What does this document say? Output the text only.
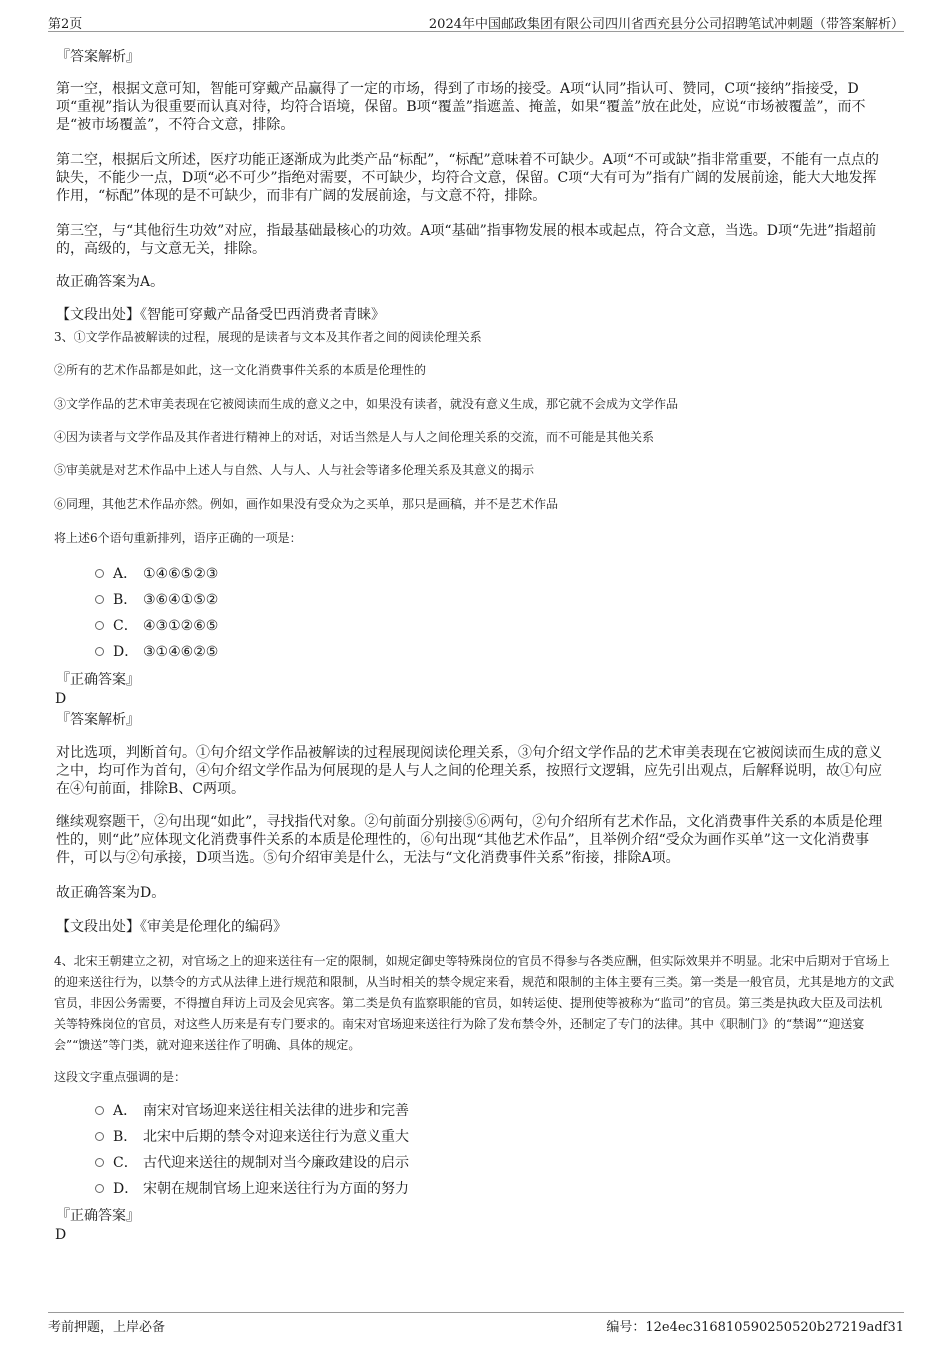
第2页	2024年中国邮政集团有限公司四川省西充县分公司招聘笔试冲刺题（带答案解析）

『答案解析』

第一空，根据文意可知，智能可穿戴产品赢得了一定的市场，得到了市场的接受。A项“认同”指认可、赞同，C项“接纳”指接受，D项“重视”指认为很重要而认真对待，均符合语境，保留。B项“覆盖”指遮盖、掩盖，如果“覆盖”放在此处，应说“市场被覆盖”，而不是“被市场覆盖”，不符合文意，排除。

第二空，根据后文所述，医疗功能正逐渐成为此类产品“标配”，“标配”意味着不可缺少。A项“不可或缺”指非常重要，不能有一点点的缺失，不能少一点，D项“必不可少”指绝对需要，不可缺少，均符合文意，保留。C项“大有可为”指有广阔的发展前途，能大大地发挥作用，“标配”体现的是不可缺少，而非有广阔的发展前途，与文意不符，排除。

第三空，与“其他衍生功效”对应，指最基础最核心的功效。A项“基础”指事物发展的根本或起点，符合文意，当选。D项“先进”指超前的，高级的，与文意无关，排除。

故正确答案为A。

【文段出处】《智能可穿戴产品备受巴西消费者青睐》

3、①文学作品被解读的过程，展现的是读者与文本及其作者之间的阅读伦理关系

②所有的艺术作品都是如此，这一文化消费事件关系的本质是伦理性的

③文学作品的艺术审美表现在它被阅读而生成的意义之中，如果没有读者，就没有意义生成，那它就不会成为文学作品

④因为读者与文学作品及其作者进行精神上的对话，对话当然是人与人之间伦理关系的交流，而不可能是其他关系

⑤审美就是对艺术作品中上述人与自然、人与人、人与社会等诸多伦理关系及其意义的揭示

⑥同理，其他艺术作品亦然。例如，画作如果没有受众为之买单，那只是画稿，并不是艺术作品

将上述6个语句重新排列，语序正确的一项是：

A． ①④⑥⑤②③
B． ③⑥④①⑤②
C． ④③①②⑥⑤
D． ③①④⑥②⑤

『正确答案』

D

『答案解析』

对比选项，判断首句。①句介绍文学作品被解读的过程展现阅读伦理关系，③句介绍文学作品的艺术审美表现在它被阅读而生成的意义之中，均可作为首句，④句介绍文学作品为何展现的是人与人之间的伦理关系，按照行文逻辑，应先引出观点，后解释说明，故①句应在④句前面，排除B、C两项。

继续观察题干，②句出现“如此”，寻找指代对象。②句前面分别接⑤⑥两句，②句介绍所有艺术作品，文化消费事件关系的本质是伦理性的，则“此”应体现文化消费事件关系的本质是伦理性的，⑥句出现“其他艺术作品”，且举例介绍“受众为画作买单”这一文化消费事件，可以与②句承接，D项当选。⑤句介绍审美是什么，无法与“文化消费事件关系”衔接，排除A项。

故正确答案为D。

【文段出处】《审美是伦理化的编码》

4、北宋王朝建立之初，对官场之上的迎来送往有一定的限制，如规定御史等特殊岗位的官员不得参与各类应酬，但实际效果并不明显。北宋中后期对于官场上的迎来送往行为，以禁令的方式从法律上进行规范和限制，从当时相关的禁令规定来看，规范和限制的主体主要有三类。第一类是一般官员，尤其是地方的文武官员，非因公务需要，不得擅自拜访上司及会见宾客。第二类是负有监察职能的官员，如转运使、提刑使等被称为“监司”的官员。第三类是执政大臣及司法机关等特殊岗位的官员，对这些人历来是有专门要求的。南宋对官场迎来送往行为除了发布禁令外，还制定了专门的法律。其中《职制门》的“禁谒”“迎送宴会”“馈送”等门类，就对迎来送往作了明确、具体的规定。

这段文字重点强调的是：

A． 南宋对官场迎来送往相关法律的进步和完善
B． 北宋中后期的禁令对迎来送往行为意义重大
C． 古代迎来送往的规制对当今廉政建设的启示
D． 宋朝在规制官场上迎来送往行为方面的努力

『正确答案』

D

考前押题，上岸必备	编号：12e4ec316810590250520b27219adf31
